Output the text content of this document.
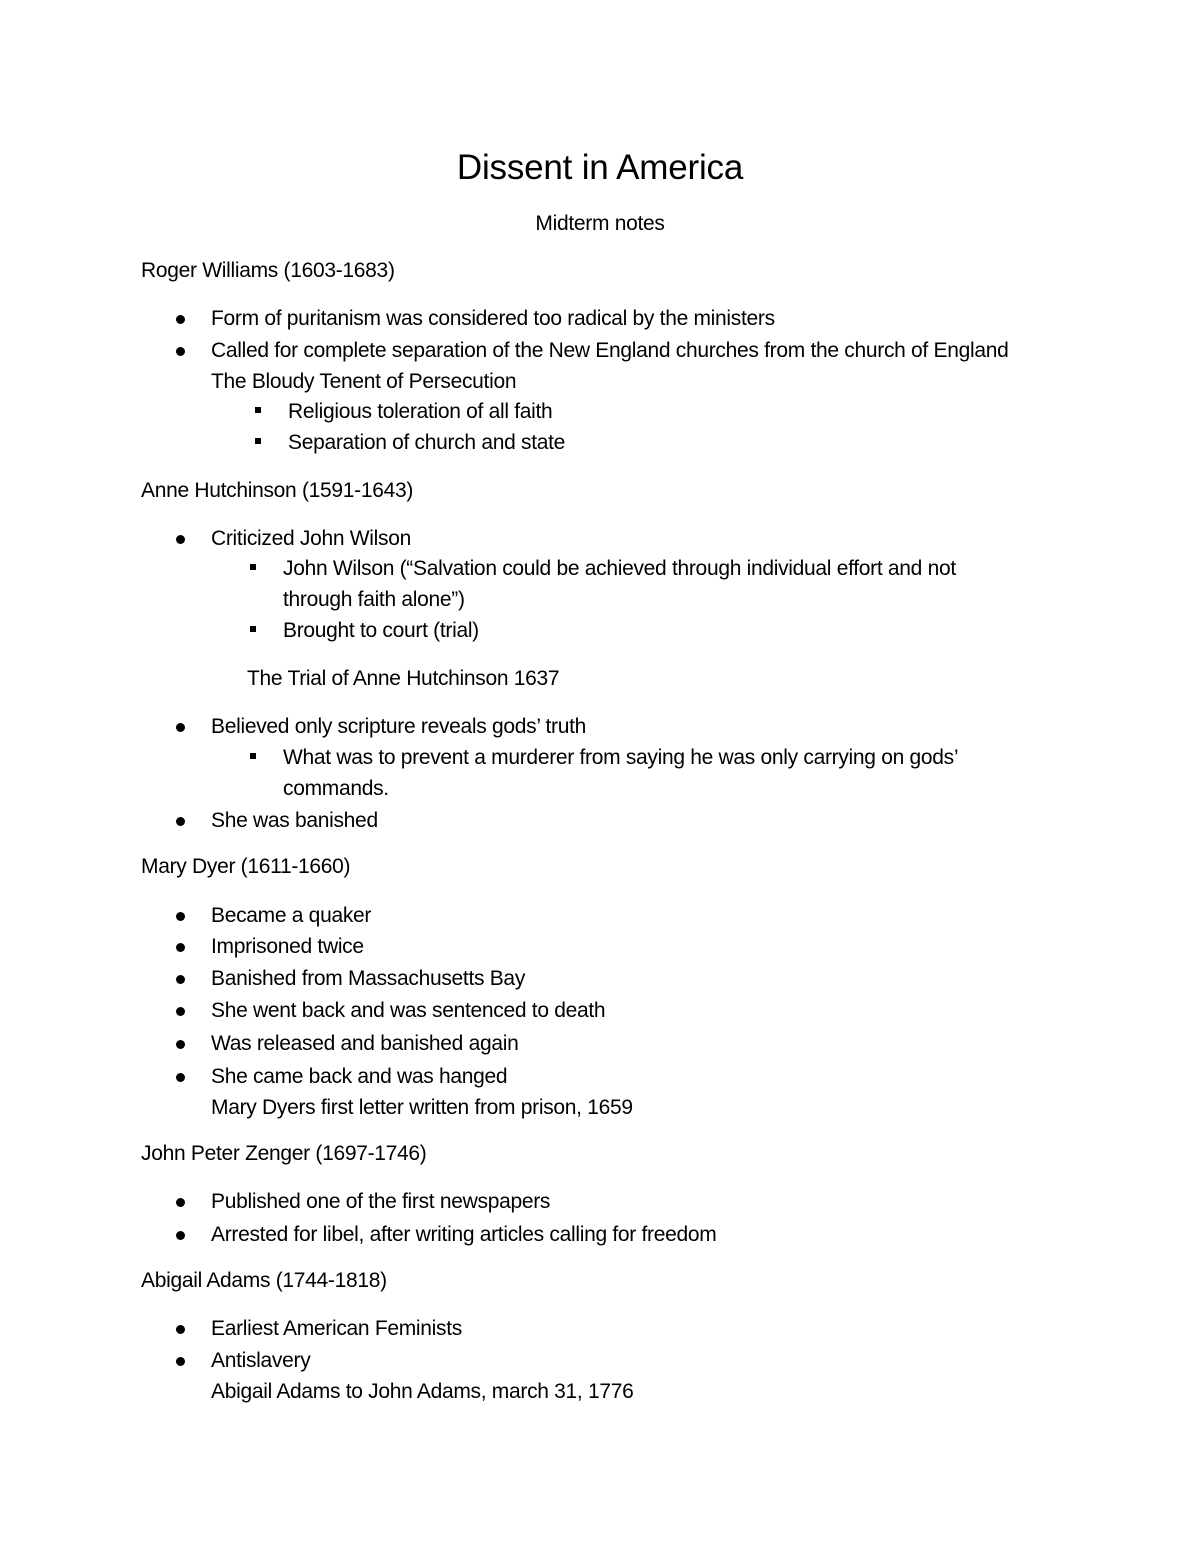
Dissent in America
Midterm notes
Roger Williams (1603-1683)
Form of puritanism was considered too radical by the ministers
Called for complete separation of the New England churches from the church of England
The Bloudy Tenent of Persecution
Religious toleration of all faith
Separation of church and state
Anne Hutchinson (1591-1643)
Criticized John Wilson
John Wilson (“Salvation could be achieved through individual effort and not
through faith alone”)
Brought to court (trial)
The Trial of Anne Hutchinson 1637
Believed only scripture reveals gods’ truth
What was to prevent a murderer from saying he was only carrying on gods’
commands.
She was banished
Mary Dyer (1611-1660)
Became a quaker
Imprisoned twice
Banished from Massachusetts Bay
She went back and was sentenced to death
Was released and banished again
She came back and was hanged
Mary Dyers first letter written from prison, 1659
John Peter Zenger (1697-1746)
Published one of the first newspapers
Arrested for libel, after writing articles calling for freedom
Abigail Adams (1744-1818)
Earliest American Feminists
Antislavery
Abigail Adams to John Adams, march 31, 1776
